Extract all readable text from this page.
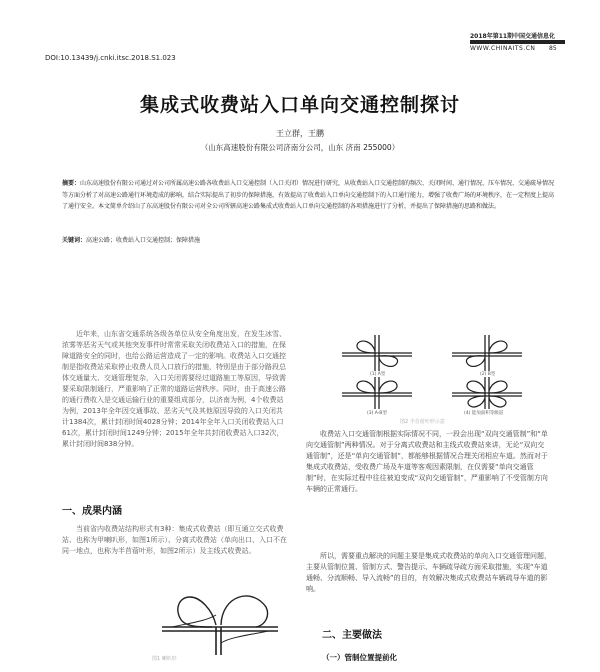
2018年第11期中国交通信息化
WWW.CHINAITS.CN 85
DOI:10.13439/j.cnki.itsc.2018.S1.023
集成式收费站入口单向交通控制探讨
王立群，王鹏
（山东高速股份有限公司济南分公司，山东 济南 255000）
摘要：山东高速股份有限公司通过对公司所属高速公路各收费站入口交通控制（入口关闭）情况进行研究，从收费站入口交通控制的频次、关闭时间、通行情况、压车情况、交通疏导情况等方面分析了对高速公路通行环境造成的影响，结合实际提出了初步的保障措施，有效提高了收费站入口单向交通控制下的入口通行能力，增强了收费广场的环境秩序，在一定程度上提高了通行安全。本文简单介绍山了东高速股份有限公司对全公司所辖高速公路集成式收费站入口单向交通控制的各项措施进行了分析，并提出了保障措施的思路和做法。
关键词：高速公路；收费站入口交通控制；保障措施
近年来，山东省交通系统各级各单位从安全角度出发，在发生冰雪、浓雾等恶劣天气或其他突发事件时常常采取关闭收费站入口的措施，在保障道路安全的同时，也给公路运营造成了一定的影响。收费站入口交通控制是指收费站采取停止收费人员入口放行的措施，特别是由于部分路段总体交通量大、交通管理复杂，入口关闭需要经过道路施工等原因，导致需要采取限制通行，严重影响了正常的道路运营秩序。同时，由于高速公路的通行费收入是交通运输行业的重要组成部分，以济南为例，4个收费站为例，2013年全年因交通事故、恶劣天气及其他原因导致的入口关闭共计1384次，累计封闭时间4028分钟；2014年全年入口关闭收费站入口61次，累计封闭时间1249分钟；2015年全年共封闭收费站入口32次，累计封闭时间838分钟。
一、成果内涵
当前省内收费站结构形式有3种：集成式收费站（即互通立交式收费站、也称为甲喇叭形，如图1所示）、分离式收费站（单向出口、入口不在同一地点，也称为半苜蓿叶形，如图2所示）及主线式收费站。
图1 喇叭形
(1) A型	(2) B型
(3) A-B型	(4) 能加面积等级道
图2 半苜蓿叶形示意
收费站入口交通管制根据实际情况不同，一段会出现“双向交通管制”和“单向交通管制”两种情况。对于分离式收费站和主线式收费站来讲，无论“双向交通管制”，还是“单向交通管制”，都能够根据情况合理关闭相应车道。然而对于集成式收费站，受收费广场及车道等客观因素限制，在仅需要“单向交通管制”时，在实际过程中往往被迫变成“双向交通管制”，严重影响了不受管制方向车辆的正常通行。
所以，需要重点解决的问题主要是集成式收费站的单向入口交通管理问题，主要从管制位置、管制方式、警告提示、车辆疏导疏方面采取措施，实现“车道通畅、分流顺畅、导入流畅”的目的，有效解决集成式收费站车辆疏导车道的影响。
二、主要做法
（一）管制位置提前化
